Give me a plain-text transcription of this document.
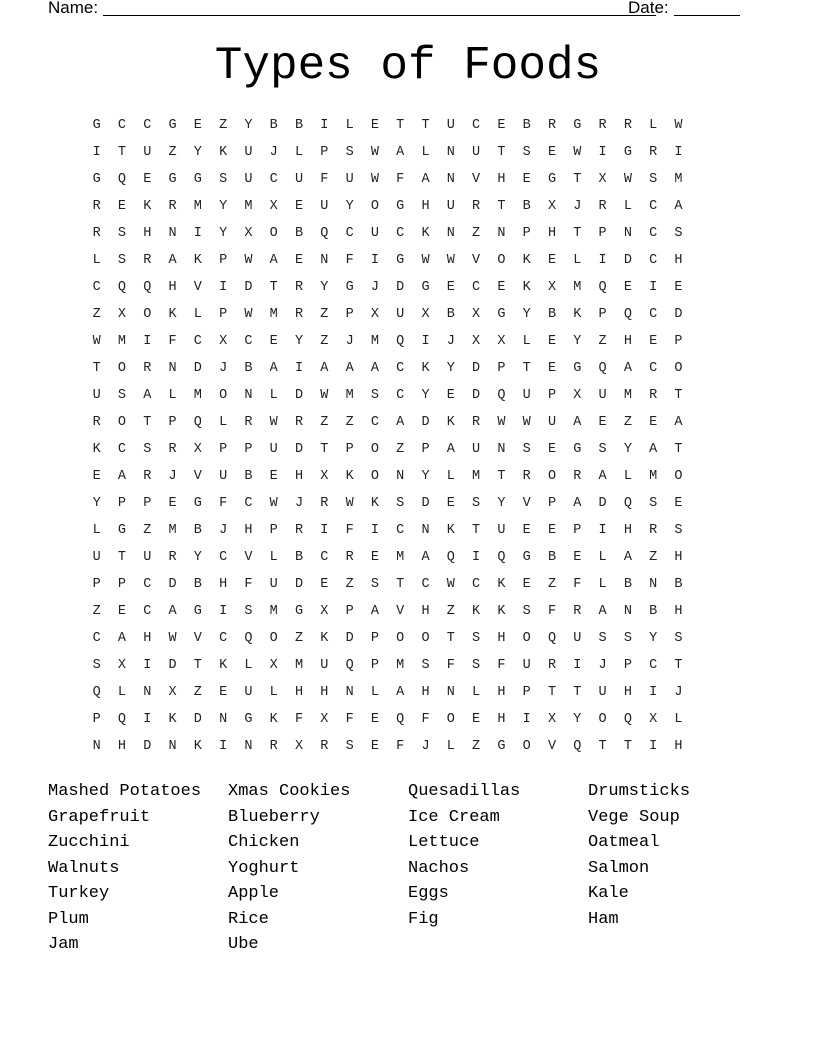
Name:	Date:
Types of Foods
G	C	C	G	E	Z	Y	B	B	I	L	E	T	T	U	C	E	B	R	G	R	R	L	W
I	T	U	Z	Y	K	U	J	L	P	S	W	A	L	N	U	T	S	E	W	I	G	R	I
G	Q	E	G	G	S	U	C	U	F	U	W	F	A	N	V	H	E	G	T	X	W	S	M
R	E	K	R	M	Y	M	X	E	U	Y	O	G	H	U	R	T	B	X	J	R	L	C	A
R	S	H	N	I	Y	X	O	B	Q	C	U	C	K	N	Z	N	P	H	T	P	N	C	S
L	S	R	A	K	P	W	A	E	N	F	I	G	W	W	V	O	K	E	L	I	D	C	H
C	Q	Q	H	V	I	D	T	R	Y	G	J	D	G	E	C	E	K	X	M	Q	E	I	E
Z	X	O	K	L	P	W	M	R	Z	P	X	U	X	B	X	G	Y	B	K	P	Q	C	D
W	M	I	F	C	X	C	E	Y	Z	J	M	Q	I	J	X	X	L	E	Y	Z	H	E	P
T	O	R	N	D	J	B	A	I	A	A	A	C	K	Y	D	P	T	E	G	Q	A	C	O
U	S	A	L	M	O	N	L	D	W	M	S	C	Y	E	D	Q	U	P	X	U	M	R	T
R	O	T	P	Q	L	R	W	R	Z	Z	C	A	D	K	R	W	W	U	A	E	Z	E	A
K	C	S	R	X	P	P	U	D	T	P	O	Z	P	A	U	N	S	E	G	S	Y	A	T
E	A	R	J	V	U	B	E	H	X	K	O	N	Y	L	M	T	R	O	R	A	L	M	O
Y	P	P	E	G	F	C	W	J	R	W	K	S	D	E	S	Y	V	P	A	D	Q	S	E
L	G	Z	M	B	J	H	P	R	I	F	I	C	N	K	T	U	E	E	P	I	H	R	S
U	T	U	R	Y	C	V	L	B	C	R	E	M	A	Q	I	Q	G	B	E	L	A	Z	H
P	P	C	D	B	H	F	U	D	E	Z	S	T	C	W	C	K	E	Z	F	L	B	N	B
Z	E	C	A	G	I	S	M	G	X	P	A	V	H	Z	K	K	S	F	R	A	N	B	H
C	A	H	W	V	C	Q	O	Z	K	D	P	O	O	T	S	H	O	Q	U	S	S	Y	S
S	X	I	D	T	K	L	X	M	U	Q	P	M	S	F	S	F	U	R	I	J	P	C	T
Q	L	N	X	Z	E	U	L	H	H	N	L	A	H	N	L	H	P	T	T	U	H	I	J
P	Q	I	K	D	N	G	K	F	X	F	E	Q	F	O	E	H	I	X	Y	O	Q	X	L
N	H	D	N	K	I	N	R	X	R	S	E	F	J	L	Z	G	O	V	Q	T	T	I	H
Mashed Potatoes	Xmas Cookies	Quesadillas	Drumsticks
Grapefruit	Blueberry	Ice Cream	Vege Soup
Zucchini	Chicken	Lettuce	Oatmeal
Walnuts	Yoghurt	Nachos	Salmon
Turkey	Apple	Eggs	Kale
Plum	Rice	Fig	Ham
Jam	Ube
